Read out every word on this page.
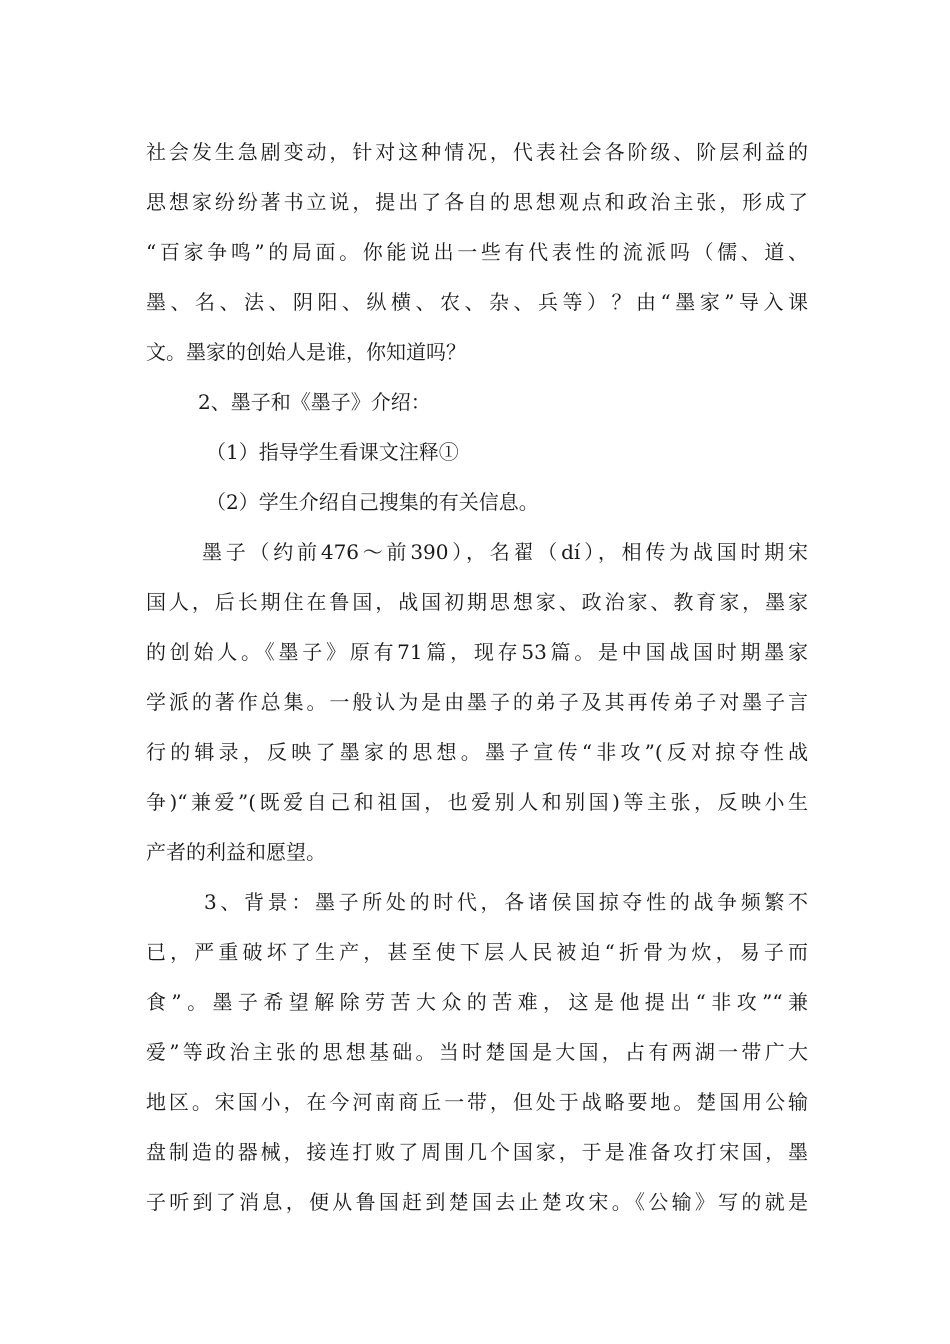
社会发生急剧变动，针对这种情况，代表社会各阶级、阶层利益的
思想家纷纷著书立说，提出了各自的思想观点和政治主张，形成了
“百家争鸣”的局面。你能说出一些有代表性的流派吗（儒、道、
墨、名、法、阴阳、纵横、农、杂、兵等）？由“墨家”导入课
文。墨家的创始人是谁，你知道吗？
2、墨子和《墨子》介绍：
（1）指导学生看课文注释①
（2）学生介绍自己搜集的有关信息。
墨子（约前476～前390），名翟（dí），相传为战国时期宋
国人，后长期住在鲁国，战国初期思想家、政治家、教育家，墨家
的创始人。《墨子》原有71篇，现存53篇。是中国战国时期墨家
学派的著作总集。一般认为是由墨子的弟子及其再传弟子对墨子言
行的辑录，反映了墨家的思想。墨子宣传“非攻”(反对掠夺性战
争)“兼爱”(既爱自己和祖国，也爱别人和别国)等主张，反映小生
产者的利益和愿望。
3、背景：墨子所处的时代，各诸侯国掠夺性的战争频繁不
已，严重破坏了生产，甚至使下层人民被迫“折骨为炊，易子而
食”。墨子希望解除劳苦大众的苦难，这是他提出“非攻”“兼
爱”等政治主张的思想基础。当时楚国是大国，占有两湖一带广大
地区。宋国小，在今河南商丘一带，但处于战略要地。楚国用公输
盘制造的器械，接连打败了周围几个国家，于是准备攻打宋国，墨
子听到了消息，便从鲁国赶到楚国去止楚攻宋。《公输》写的就是
